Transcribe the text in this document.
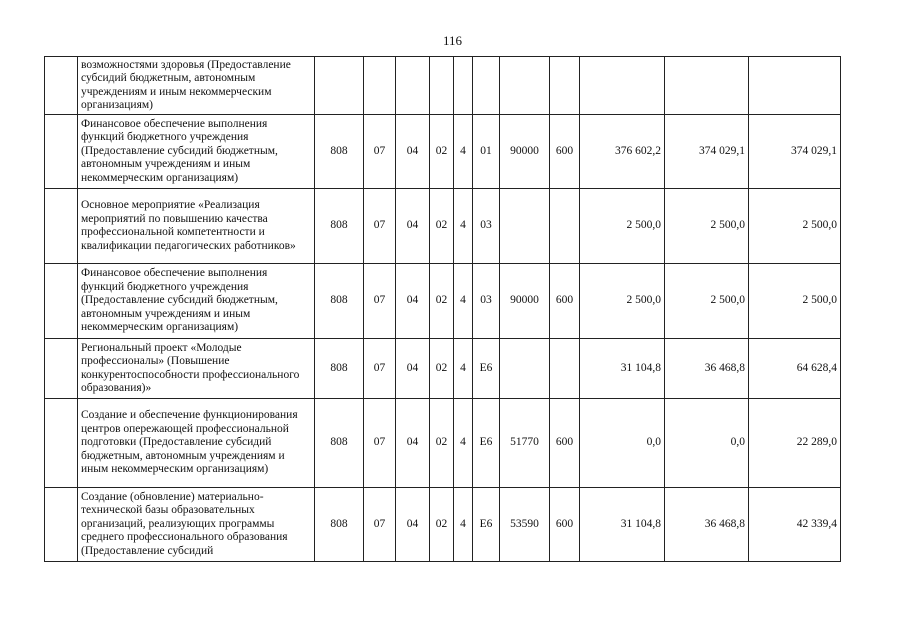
116
	возможностями здоровья (Предоставление субсидий бюджетным, автономным учреждениям и иным некоммерческим организациям)											
	Финансовое обеспечение выполнения функций бюджетного учреждения (Предоставление субсидий бюджетным, автономным учреждениям и иным некоммерческим организациям)	808	07	04	02	4	01	90000	600	376 602,2	374 029,1	374 029,1
	Основное мероприятие «Реализация мероприятий по повышению качества профессиональной компетентности и квалификации педагогических работников»	808	07	04	02	4	03			2 500,0	2 500,0	2 500,0
	Финансовое обеспечение выполнения функций бюджетного учреждения (Предоставление субсидий бюджетным, автономным учреждениям и иным некоммерческим организациям)	808	07	04	02	4	03	90000	600	2 500,0	2 500,0	2 500,0
	Региональный проект «Молодые профессионалы» (Повышение конкурентоспособности профессионального образования)»	808	07	04	02	4	Е6			31 104,8	36 468,8	64 628,4
	Создание и обеспечение функционирования центров опережающей профессиональной подготовки (Предоставление субсидий бюджетным, автономным учреждениям и иным некоммерческим организациям)	808	07	04	02	4	Е6	51770	600	0,0	0,0	22 289,0
	Создание (обновление) материально-технической базы образовательных организаций, реализующих программы среднего профессионального образования (Предоставление субсидий	808	07	04	02	4	Е6	53590	600	31 104,8	36 468,8	42 339,4
